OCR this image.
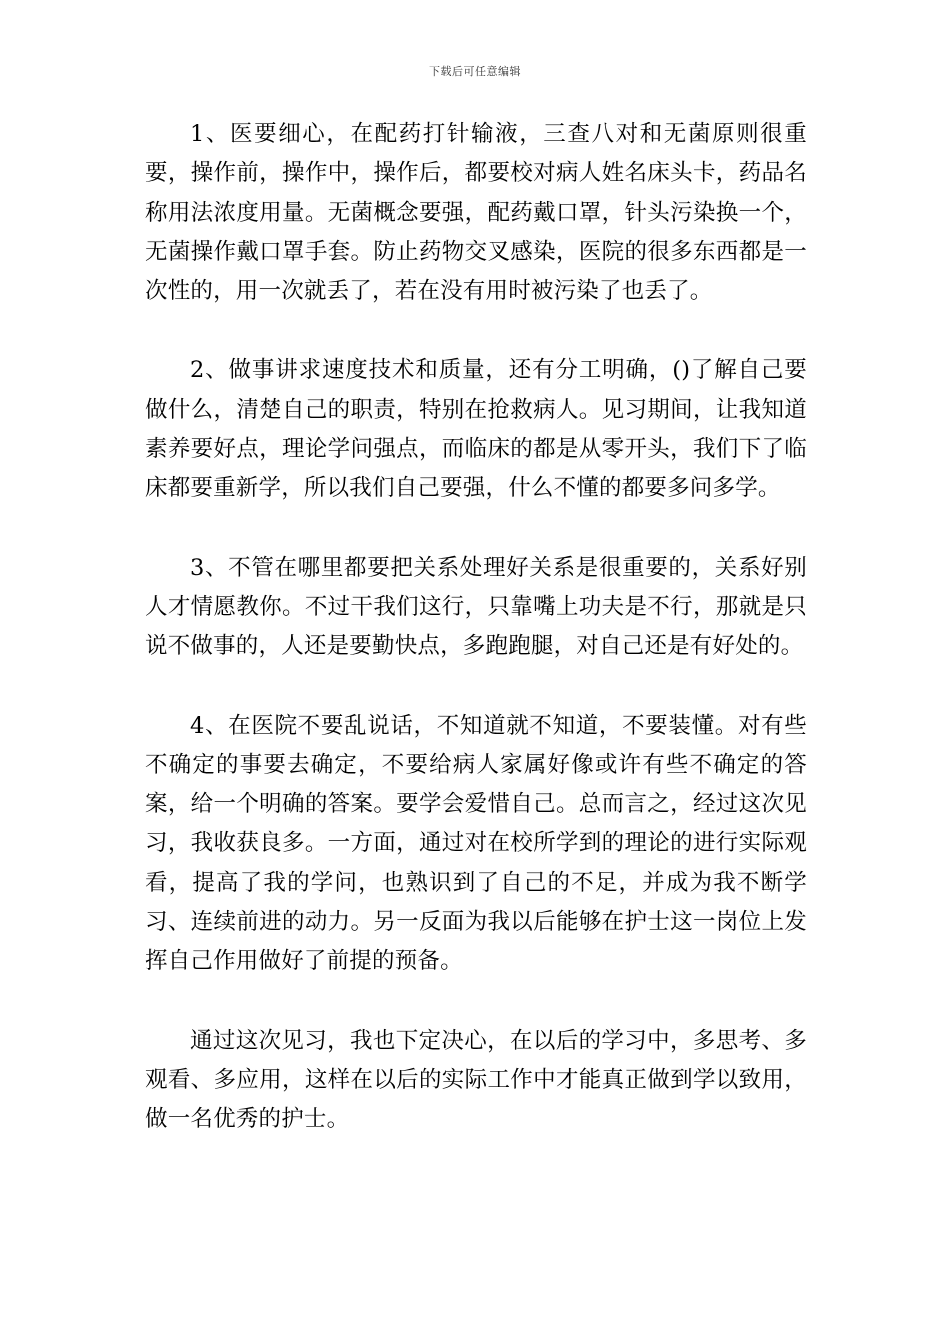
下载后可任意编辑

1、医要细心，在配药打针输液，三查八对和无菌原则很重要，操作前，操作中，操作后，都要校对病人姓名床头卡，药品名称用法浓度用量。无菌概念要强，配药戴口罩，针头污染换一个，无菌操作戴口罩手套。防止药物交叉感染，医院的很多东西都是一次性的，用一次就丢了，若在没有用时被污染了也丢了。

2、做事讲求速度技术和质量，还有分工明确，()了解自己要做什么，清楚自己的职责，特别在抢救病人。见习期间，让我知道素养要好点，理论学问强点，而临床的都是从零开头，我们下了临床都要重新学，所以我们自己要强，什么不懂的都要多问多学。

3、不管在哪里都要把关系处理好关系是很重要的，关系好别人才情愿教你。不过干我们这行，只靠嘴上功夫是不行，那就是只说不做事的，人还是要勤快点，多跑跑腿，对自己还是有好处的。

4、在医院不要乱说话，不知道就不知道，不要装懂。对有些不确定的事要去确定，不要给病人家属好像或许有些不确定的答案，给一个明确的答案。要学会爱惜自己。总而言之，经过这次见习，我收获良多。一方面，通过对在校所学到的理论的进行实际观看，提高了我的学问，也熟识到了自己的不足，并成为我不断学习、连续前进的动力。另一反面为我以后能够在护士这一岗位上发挥自己作用做好了前提的预备。

通过这次见习，我也下定决心，在以后的学习中，多思考、多观看、多应用，这样在以后的实际工作中才能真正做到学以致用，做一名优秀的护士。
